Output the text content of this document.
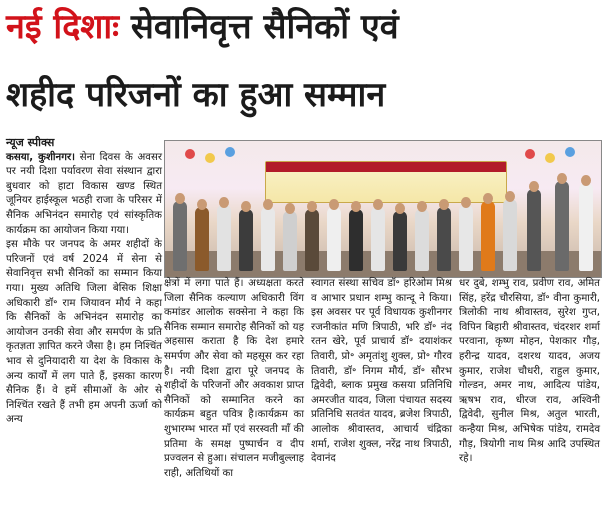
नई दिशाः सेवानिवृत्त सैनिकों एवं
शहीद परिजनों का हुआ सम्मान
न्यूज स्पीक्स

कसया, कुशीनगर। सेना दिवस के अवसर पर नयी दिशा पर्यावरण सेवा संस्थान द्वारा बुधवार को हाटा विकास खण्ड स्थित जूनियर हाईस्कूल भठही राजा के परिसर में सैनिक अभिनंदन समारोह एवं सांस्कृतिक कार्यक्रम का आयोजन किया गया।

इस मौके पर जनपद के अमर शहीदों के परिजनों एवं वर्ष 2024 में सेना से सेवानिवृत्त सभी सैनिकों का सम्मान किया गया। मुख्य अतिथि जिला बेसिक शिक्षा अधिकारी डॉ॰ राम जियावन मौर्य ने कहा कि सैनिकों के अभिनंदन समारोह का आयोजन उनकी सेवा और समर्पण के प्रति कृतज्ञता ज्ञापित करने जैसा है। हम निश्चिंत भाव से दुनियादारी या देश के विकास के अन्य कार्यों में लग पाते हैं, इसका कारण सैनिक हैं। वे हमें सीमाओं के ओर से निश्चिंत रखते हैं तभी हम अपनी ऊर्जा को अन्य

क्षेत्रों में लगा पाते हैं। अध्यक्षता करते जिला सैनिक कल्याण अधिकारी विंग कमांडर आलोक सक्सेना ने कहा कि सैनिक सम्मान समारोह सैनिकों को यह अहसास कराता है कि देश हमारे समर्पण और सेवा को महसूस कर रहा है। नयी दिशा द्वारा पूरे जनपद के शहीदों के परिजनों और अवकाश प्राप्त सैनिकों को सम्मानित करने का कार्यक्रम बहुत पवित्र है।कार्यक्रम का शुभारम्भ भारत माँ एवं सरस्वती माँ की प्रतिमा के समक्ष पुष्पार्चन व दीप प्रज्वलन से हुआ। संचालन मजीबुल्लाह राही, अतिथियों का
स्वागत संस्था सचिव डॉ॰ हरिओम मिश्र व आभार प्रधान शम्भु कान्दू ने किया। इस अवसर पर पूर्व विधायक कुशीनगर रजनीकांत मणि त्रिपाठी, भरि डॉ॰ नंद रतन खेरे, पूर्व प्राचार्य डॉ॰ दयाशंकर तिवारी, प्रो॰ अमृतांशु शुक्ल, प्रो॰ गौरव तिवारी, डॉ॰ निगम मौर्य, डॉ॰ सौरभ द्विवेदी, ब्लाक प्रमुख कसया प्रतिनिधि अमरजीत यादव, जिला पंचायत सदस्य प्रतिनिधि सतवंत यादव, ब्रजेश त्रिपाठी, आलोक श्रीवास्तव, आचार्य चंद्रिका शर्मा, राजेश शुक्ल, नरेंद्र नाथ त्रिपाठी, देवानंद
धर दुबे, शम्भु राव, प्रवीण राव, अमित सिंह, हरेंद्र चौरसिया, डॉ॰ वीना कुमारी, त्रिलोकी नाथ श्रीवास्तव, सुरेश गुप्त, विपिन बिहारी श्रीवास्तव, चंदरशर शर्मा परवाना, कृष्ण मोहन, पेशकार गौड़, हरीन्द्र यादव, दशरथ यादव, अजय कुमार, राजेश चौधरी, राहुल कुमार, गोल्डन, अमर नाथ, आदित्य पांडेय, ऋषभ राव, धीरज राव, अश्विनी द्विवेदी, सुनील मिश्र, अतुल भारती, कन्हैया मिश्र, अभिषेक पांडेय, रामदेव गौड़, त्रियोगी नाथ मिश्र आदि उपस्थित रहे।
